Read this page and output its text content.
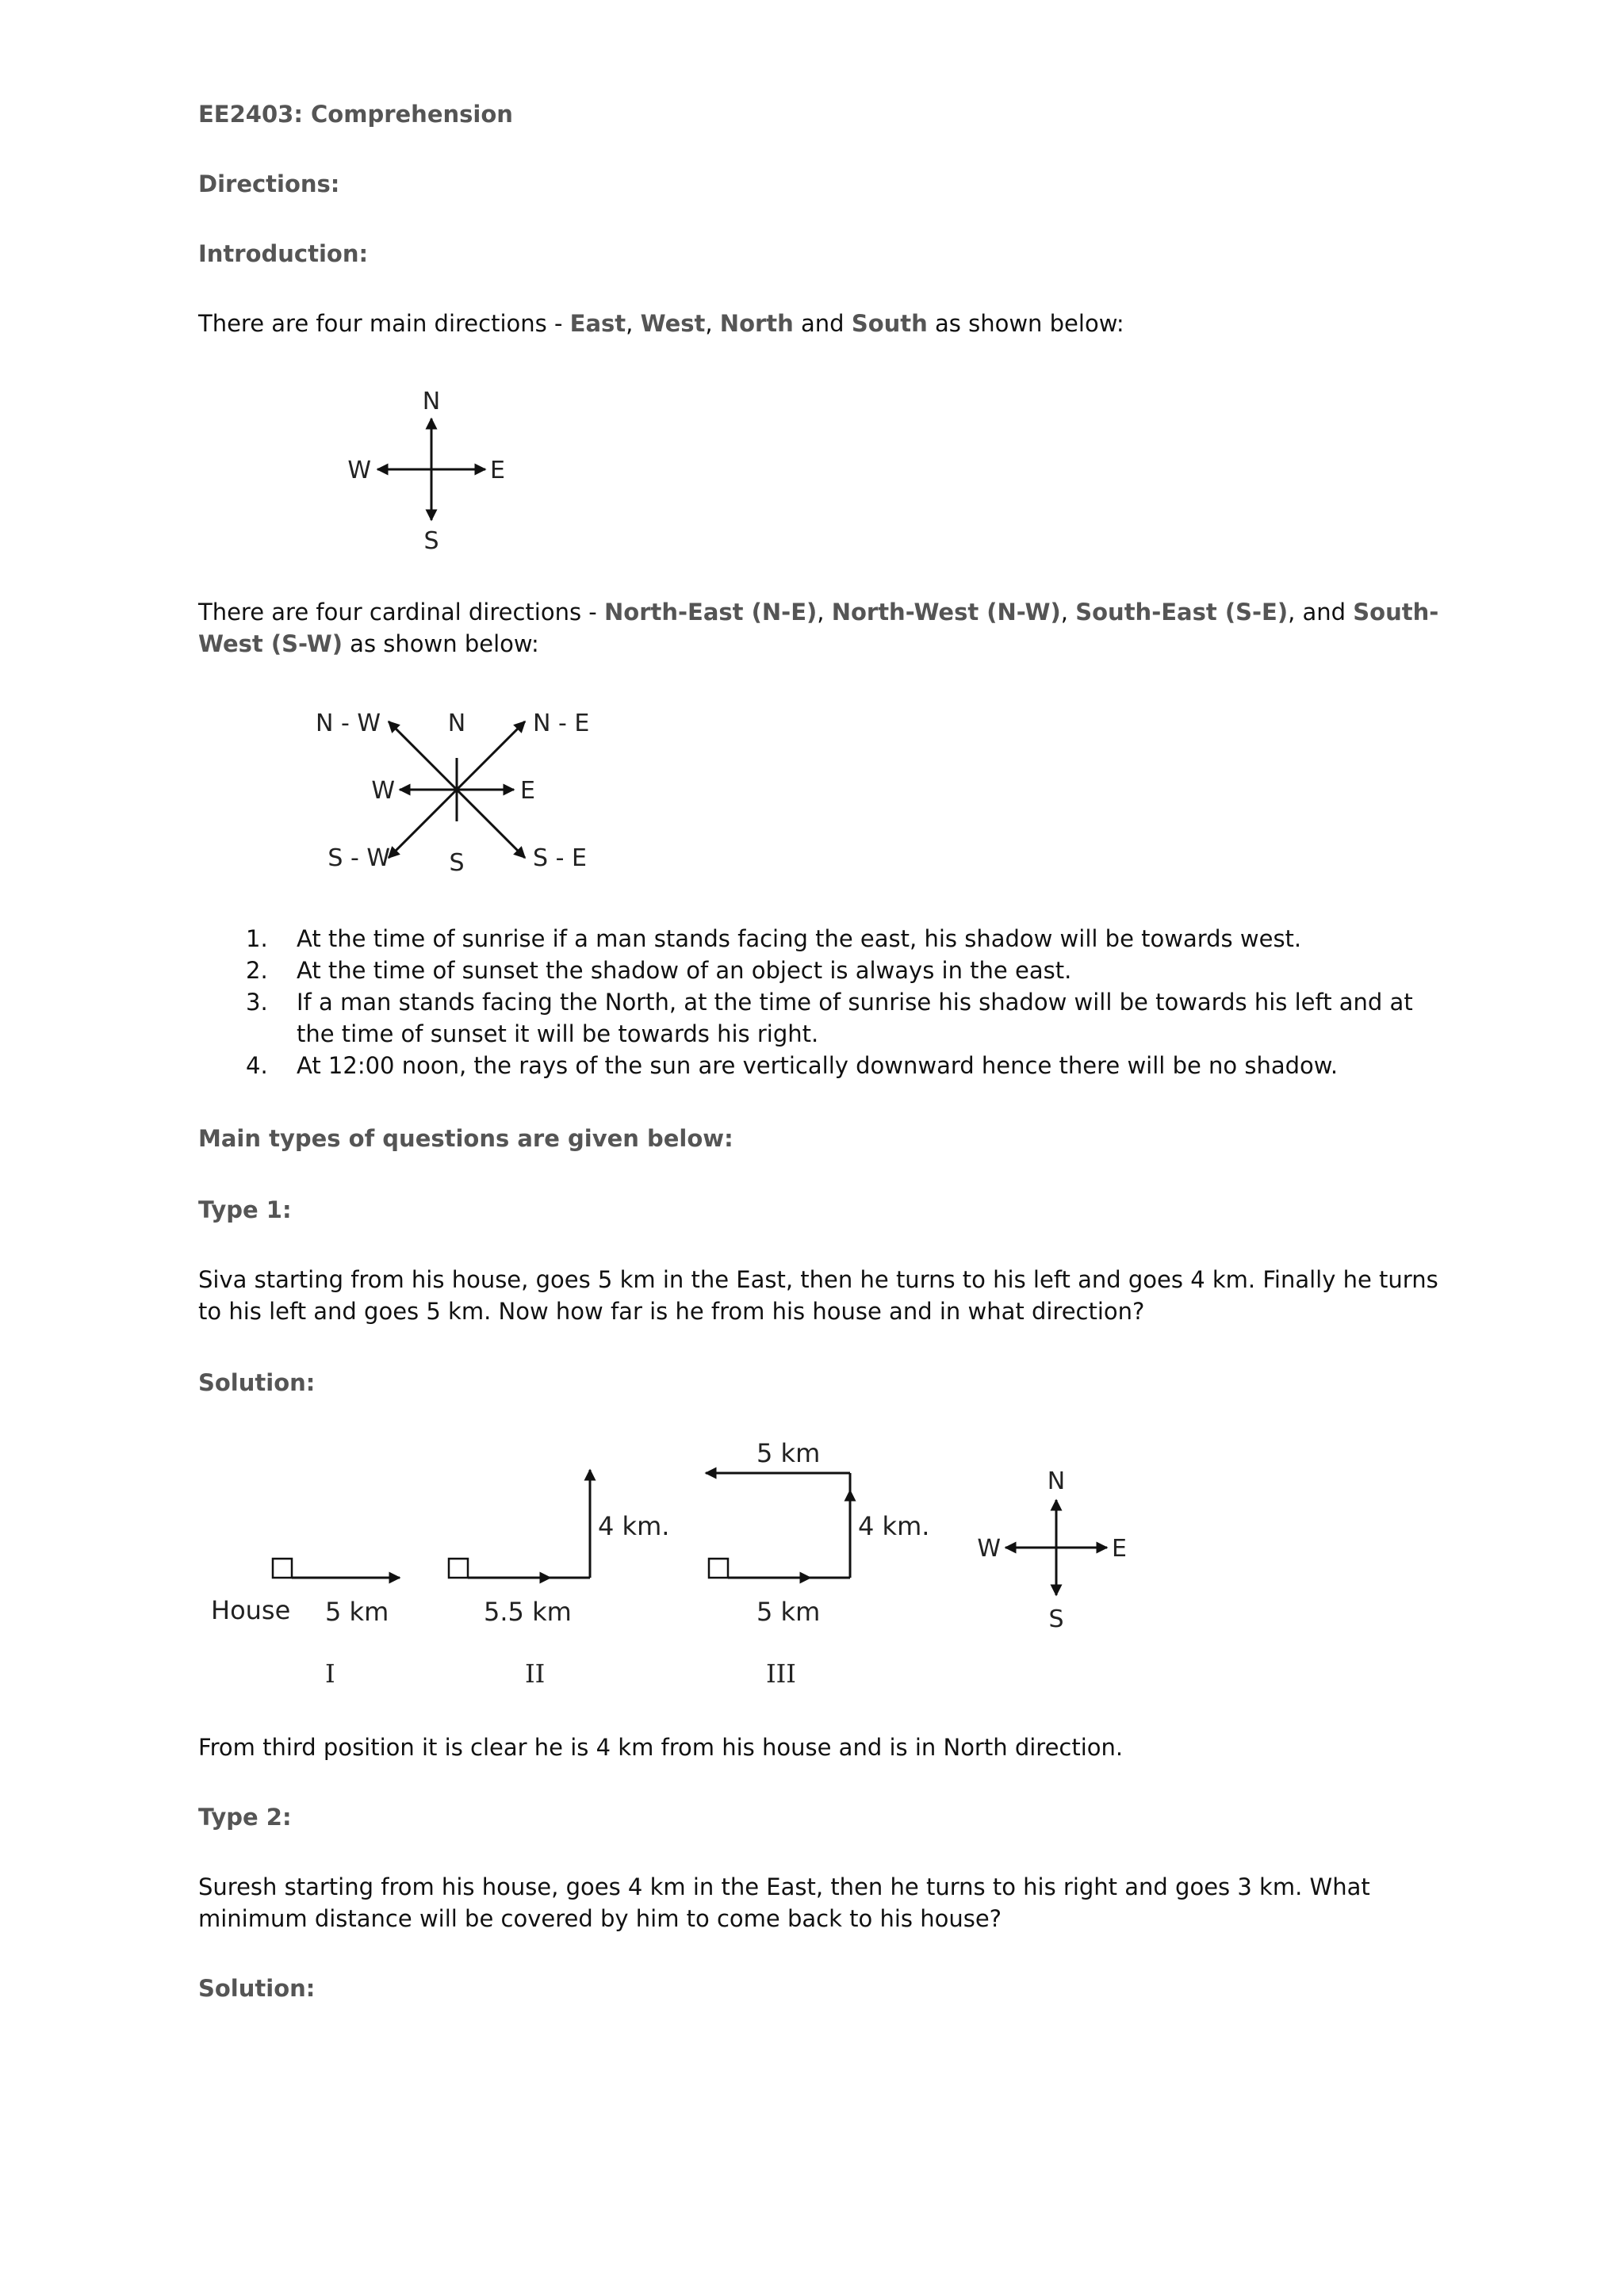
EE2403: Comprehension
Directions:
Introduction:
There are four main directions - East, West, North and South as shown below:
N
S
E
W
There are four cardinal directions - North-East (N-E), North-West (N-W), South-East (S-E), and South-West (S-W) as shown below:
N
S
E
W
N - E
N - W
S - E
S - W
1. At the time of sunrise if a man stands facing the east, his shadow will be towards west.
2. At the time of sunset the shadow of an object is always in the east.
3. If a man stands facing the North, at the time of sunrise his shadow will be towards his left and at the time of sunset it will be towards his right.
4. At 12:00 noon, the rays of the sun are vertically downward hence there will be no shadow.
Main types of questions are given below:
Type 1:
Siva starting from his house, goes 5 km in the East, then he turns to his left and goes 4 km. Finally he turns to his left and goes 5 km. Now how far is he from his house and in what direction?
Solution:
House 5 km
I
5.5 km
4 km.
II
5 km
4 km.
5 km
III
N
S
E
W
From third position it is clear he is 4 km from his house and is in North direction.
Type 2:
Suresh starting from his house, goes 4 km in the East, then he turns to his right and goes 3 km. What minimum distance will be covered by him to come back to his house?
Solution:
